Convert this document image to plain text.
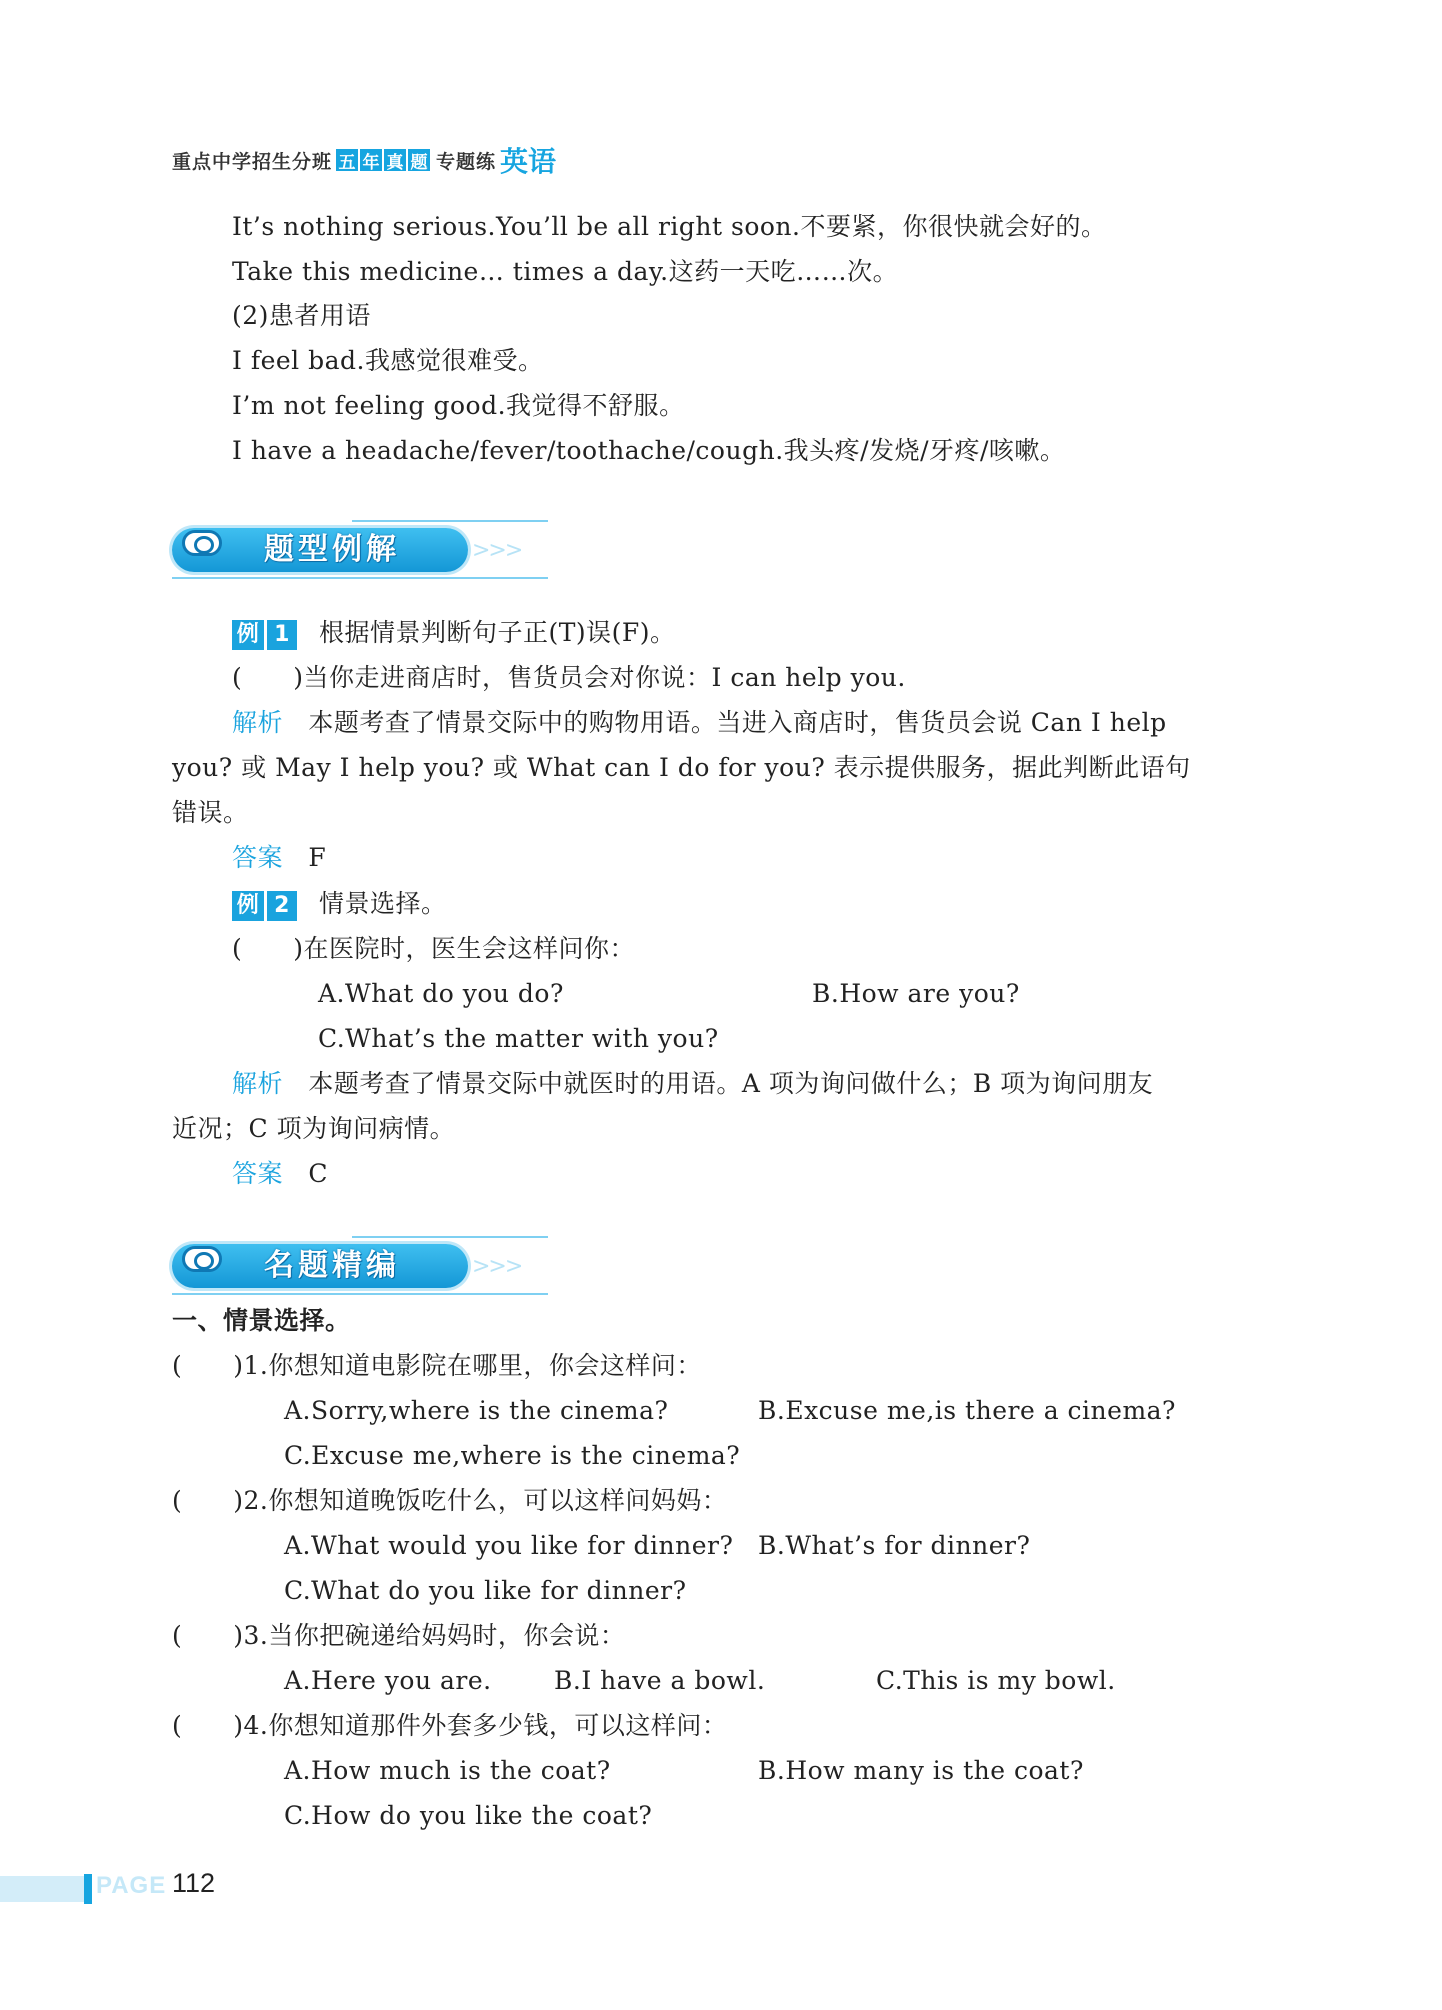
重点中学招生分班 五 年 真 题 专题练 英语
It’s nothing serious.You’ll be all right soon.不要紧，你很快就会好的。
Take this medicine… times a day.这药一天吃……次。
(2)患者用语
I feel bad.我感觉很难受。
I’m not feeling good.我觉得不舒服。
I have a headache/fever/toothache/cough.我头疼/发烧/牙疼/咳嗽。
题型例解	>>>
例 1 根据情景判断句子正(T)误(F)。
(　　)当你走进商店时，售货员会对你说：I can help you.
解析 本题考查了情景交际中的购物用语。当进入商店时，售货员会说 Can I help
you? 或 May I help you? 或 What can I do for you? 表示提供服务，据此判断此语句
错误。
答案 F
例 2 情景选择。
(　　)在医院时，医生会这样问你：
A.What do you do?	B.How are you?
C.What’s the matter with you?
解析 本题考查了情景交际中就医时的用语。A 项为询问做什么；B 项为询问朋友
近况；C 项为询问病情。
答案 C
名题精编	>>>
一、情景选择。
(　　)1.你想知道电影院在哪里，你会这样问：
A.Sorry,where is the cinema?	B.Excuse me,is there a cinema?
C.Excuse me,where is the cinema?
(　　)2.你想知道晚饭吃什么，可以这样问妈妈：
A.What would you like for dinner? B.What’s for dinner?
C.What do you like for dinner?
(　　)3.当你把碗递给妈妈时，你会说：
A.Here you are. B.I have a bowl.	C.This is my bowl.
(　　)4.你想知道那件外套多少钱，可以这样问：
A.How much is the coat?	B.How many is the coat?
C.How do you like the coat?
PAGE 112
